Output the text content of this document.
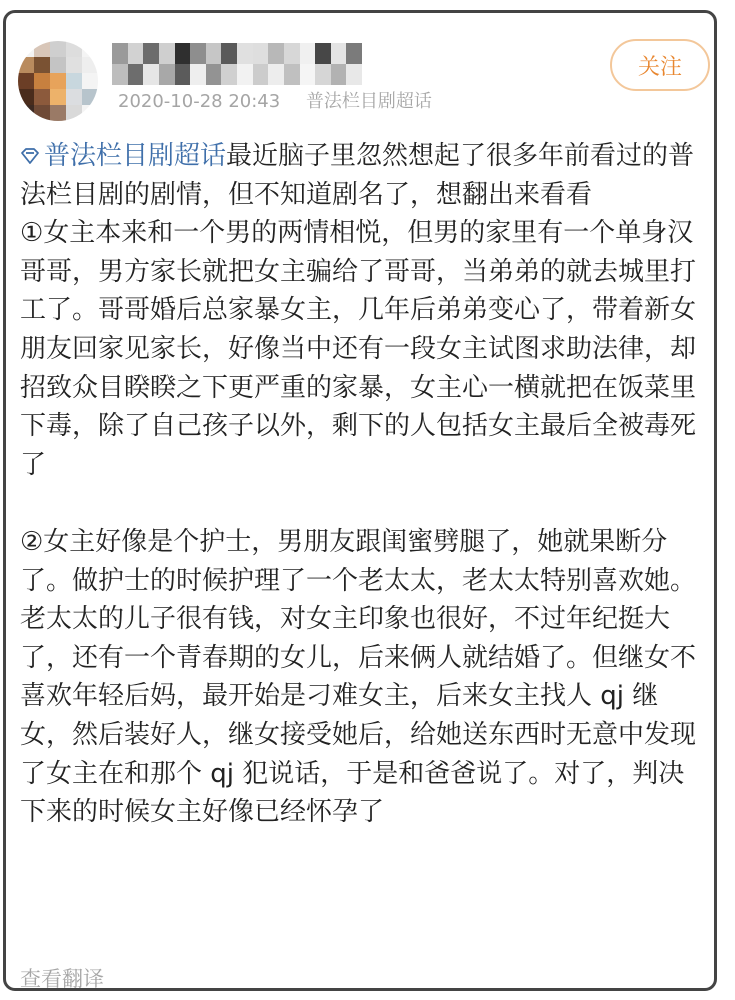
2020-10-28 20:43 普法栏目剧超话
关注
普法栏目剧超话最近脑子里忽然想起了很多年前看过的普法栏目剧的剧情，但不知道剧名了，想翻出来看看
①女主本来和一个男的两情相悦，但男的家里有一个单身汉哥哥，男方家长就把女主骗给了哥哥，当弟弟的就去城里打工了。哥哥婚后总家暴女主，几年后弟弟变心了，带着新女朋友回家见家长，好像当中还有一段女主试图求助法律，却招致众目睽睽之下更严重的家暴，女主心一横就把在饭菜里下毒，除了自己孩子以外，剩下的人包括女主最后全被毒死了

②女主好像是个护士，男朋友跟闺蜜劈腿了，她就果断分了。做护士的时候护理了一个老太太，老太太特别喜欢她。老太太的儿子很有钱，对女主印象也很好，不过年纪挺大了，还有一个青春期的女儿，后来俩人就结婚了。但继女不喜欢年轻后妈，最开始是刁难女主，后来女主找人 qj 继女，然后装好人，继女接受她后，给她送东西时无意中发现了女主在和那个 qj 犯说话，于是和爸爸说了。对了，判决下来的时候女主好像已经怀孕了
查看翻译
